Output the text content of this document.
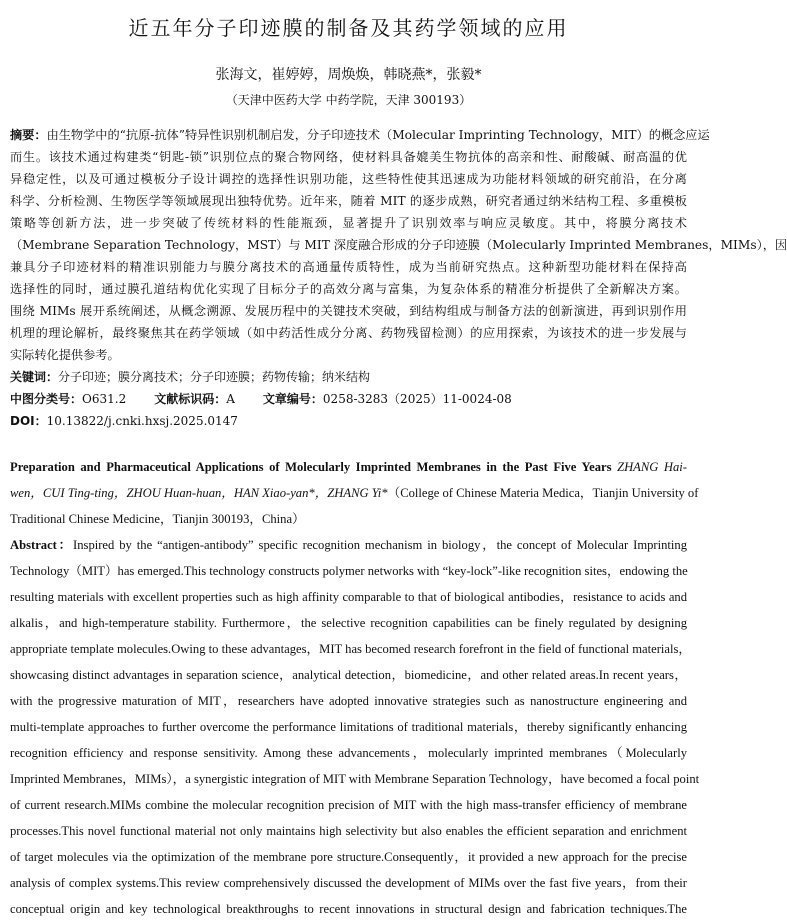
近五年分子印迹膜的制备及其药学领域的应用
张海文，崔婷婷，周焕焕，韩晓燕*，张毅*
（天津中医药大学 中药学院，天津 300193）
摘要：由生物学中的“抗原-抗体”特异性识别机制启发，分子印迹技术（Molecular Imprinting Technology，MIT）的概念应运
而生。该技术通过构建类“钥匙-锁”识别位点的聚合物网络，使材料具备媲美生物抗体的高亲和性、耐酸碱、耐高温的优
异稳定性，以及可通过模板分子设计调控的选择性识别功能，这些特性使其迅速成为功能材料领域的研究前沿，在分离
科学、分析检测、生物医学等领域展现出独特优势。近年来，随着 MIT 的逐步成熟，研究者通过纳米结构工程、多重模板
策略等创新方法，进一步突破了传统材料的性能瓶颈，显著提升了识别效率与响应灵敏度。其中，将膜分离技术
（Membrane Separation Technology，MST）与 MIT 深度融合形成的分子印迹膜（Molecularly Imprinted Membranes，MIMs），因
兼具分子印迹材料的精准识别能力与膜分离技术的高通量传质特性，成为当前研究热点。这种新型功能材料在保持高
选择性的同时，通过膜孔道结构优化实现了目标分子的高效分离与富集，为复杂体系的精准分析提供了全新解决方案。
围绕 MIMs 展开系统阐述，从概念溯源、发展历程中的关键技术突破，到结构组成与制备方法的创新演进，再到识别作用
机理的理论解析，最终聚焦其在药学领域（如中药活性成分分离、药物残留检测）的应用探索，为该技术的进一步发展与
实际转化提供参考。
关键词：分子印迹；膜分离技术；分子印迹膜；药物传输；纳米结构
中图分类号：O631.2 文献标识码：A 文章编号：0258-3283（2025）11-0024-08
DOI：10.13822/j.cnki.hxsj.2025.0147
Preparation and Pharmaceutical Applications of Molecularly Imprinted Membranes in the Past Five Years ZHANG Hai-
wen，CUI Ting-ting，ZHOU Huan-huan，HAN Xiao-yan*，ZHANG Yi*（College of Chinese Materia Medica，Tianjin University of
Traditional Chinese Medicine，Tianjin 300193，China）
Abstract：Inspired by the “antigen-antibody” specific recognition mechanism in biology，the concept of Molecular Imprinting
Technology（MIT）has emerged.This technology constructs polymer networks with “key-lock”-like recognition sites，endowing the
resulting materials with excellent properties such as high affinity comparable to that of biological antibodies，resistance to acids and
alkalis，and high-temperature stability. Furthermore，the selective recognition capabilities can be finely regulated by designing
appropriate template molecules.Owing to these advantages，MIT has becomed research forefront in the field of functional materials，
showcasing distinct advantages in separation science，analytical detection，biomedicine，and other related areas.In recent years，
with the progressive maturation of MIT，researchers have adopted innovative strategies such as nanostructure engineering and
multi-template approaches to further overcome the performance limitations of traditional materials，thereby significantly enhancing
recognition efficiency and response sensitivity. Among these advancements，molecularly imprinted membranes（Molecularly
Imprinted Membranes，MIMs），a synergistic integration of MIT with Membrane Separation Technology，have becomed a focal point
of current research.MIMs combine the molecular recognition precision of MIT with the high mass-transfer efficiency of membrane
processes.This novel functional material not only maintains high selectivity but also enables the efficient separation and enrichment
of target molecules via the optimization of the membrane pore structure.Consequently，it provided a new approach for the precise
analysis of complex systems.This review comprehensively discussed the development of MIMs over the fast five years，from their
conceptual origin and key technological breakthroughs to recent innovations in structural design and fabrication techniques.The
